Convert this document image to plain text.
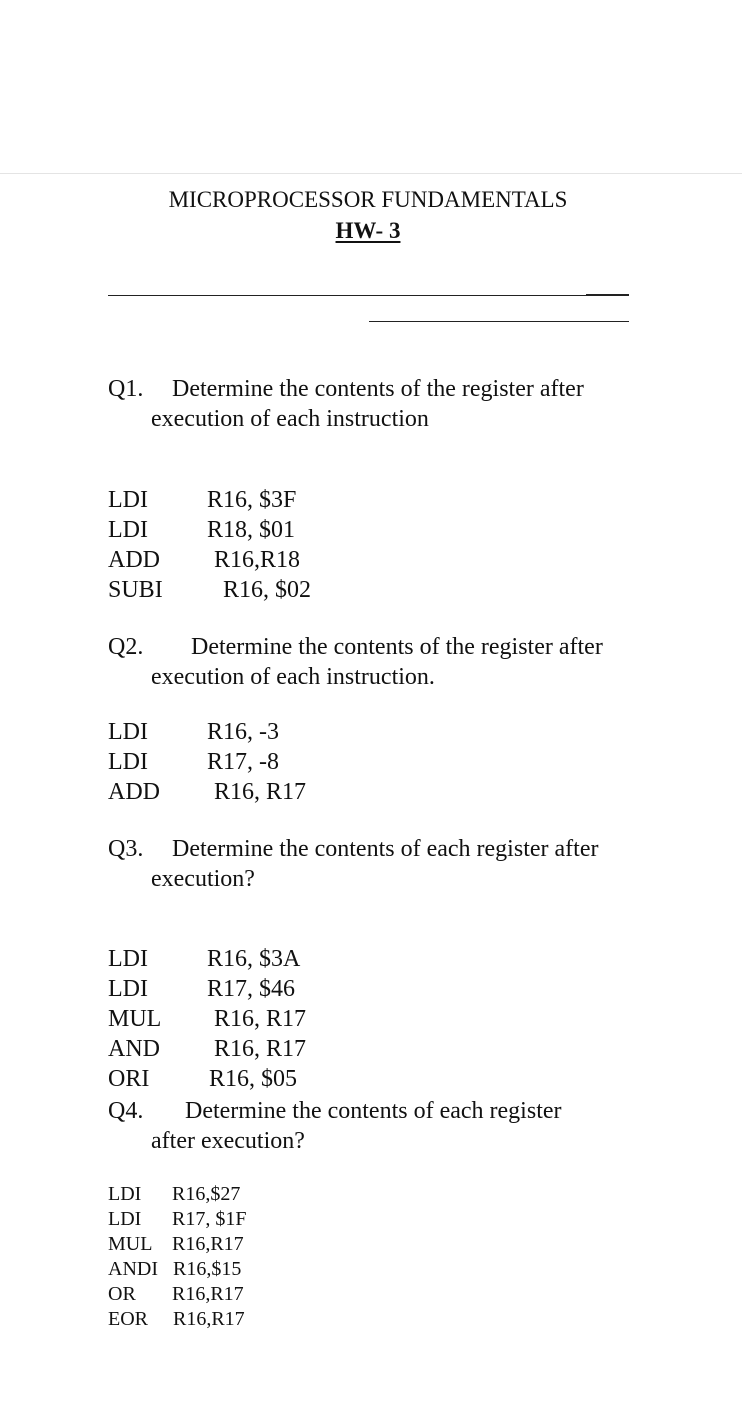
MICROPROCESSOR FUNDAMENTALS
HW- 3
Q1. Determine the contents of the register after
execution of each instruction
LDI R16, $3F
LDI R18, $01
ADD R16,R18
SUBI	R16, $02
Q2. Determine the contents of the register after
execution of each instruction.
LDI R16, -3
LDI R17, -8
ADD R16, R17
Q3. Determine the contents of each register after
execution?
LDI R16, $3A
LDI R17, $46
MUL R16, R17
AND R16, R17
ORI R16, $05
Q4. Determine the contents of each register
after execution?
LDI R16,$27
LDI R17, $1F
MUL R16,R17
ANDI R16,$15
OR R16,R17
EOR R16,R17
